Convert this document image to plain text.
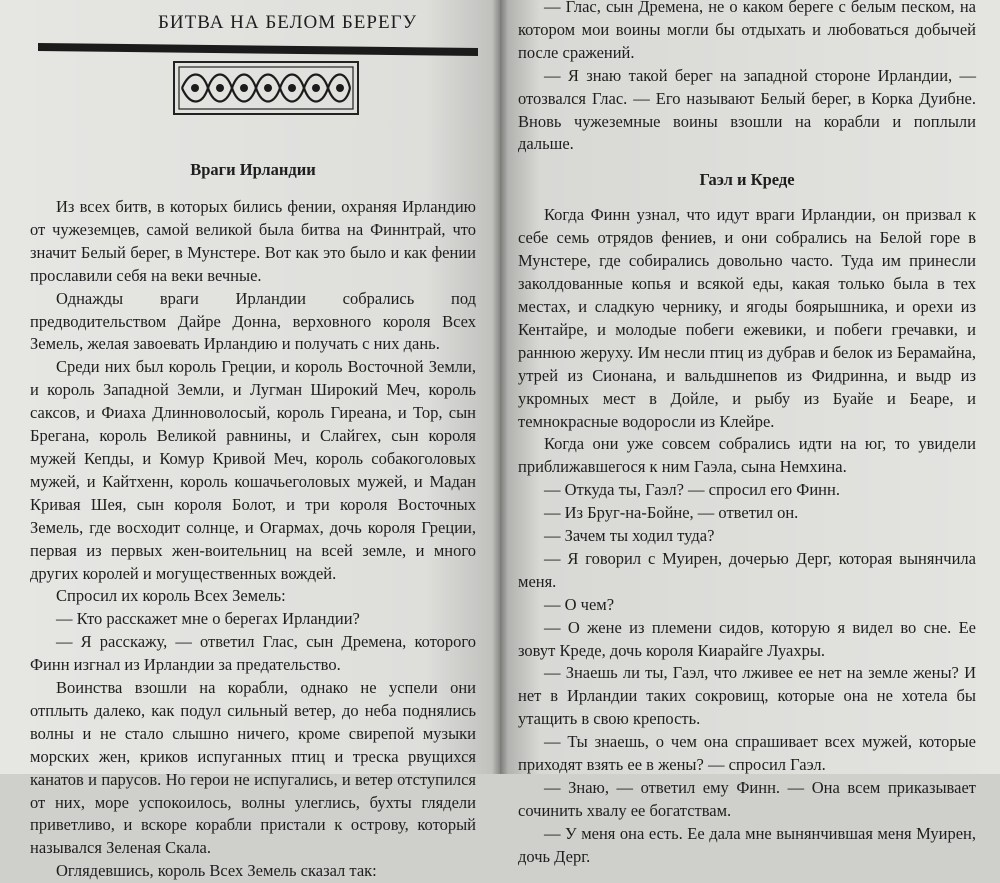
БИТВА НА БЕЛОМ БЕРЕГУ

Враги Ирландии

Из всех битв, в которых бились фении, охраняя Ирландию от чужеземцев, самой великой была битва на Финнтрай, что значит Белый берег, в Мунстере. Вот как это было и как фении прославили себя на веки вечные.

Однажды враги Ирландии собрались под предводительством Дайре Донна, верховного короля Всех Земель, желая завоевать Ирландию и получать с них дань.

Среди них был король Греции, и король Восточной Земли, и король Западной Земли, и Лугман Широкий Меч, король саксов, и Фиаха Длинноволосый, король Гиреана, и Тор, сын Брегана, король Великой равнины, и Слайгех, сын короля мужей Кепды, и Комур Кривой Меч, король собакоголовых мужей, и Кайтхенн, король кошачьеголовых мужей, и Мадан Кривая Шея, сын короля Болот, и три короля Восточных Земель, где восходит солнце, и Огармах, дочь короля Греции, первая из первых жен-воительниц на всей земле, и много других королей и могущественных вождей.

Спросил их король Всех Земель:

— Кто расскажет мне о берегах Ирландии?

— Я расскажу, — ответил Глас, сын Дремена, которого Финн изгнал из Ирландии за предательство.

Воинства взошли на корабли, однако не успели они отплыть далеко, как подул сильный ветер, до неба поднялись волны и не стало слышно ничего, кроме свирепой музыки морских жен, криков испуганных птиц и треска рвущихся канатов и парусов. Но герои не испугались, и ветер отступился от них, море успокоилось, волны улеглись, бухты глядели приветливо, и вскоре корабли пристали к острову, который назывался Зеленая Скала.

Оглядевшись, король Всех Земель сказал так:

— Глас, сын Дремена, не о каком береге с белым песком, на котором мои воины могли бы отдыхать и любоваться добычей после сражений.

— Я знаю такой берег на западной стороне Ирландии, — отозвался Глас. — Его называют Белый берег, в Корка Дуибне. Вновь чужеземные воины взошли на корабли и поплыли дальше.

Гаэл и Креде

Когда Финн узнал, что идут враги Ирландии, он призвал к себе семь отрядов фениев, и они собрались на Белой горе в Мунстере, где собирались довольно часто. Туда им принесли заколдованные копья и всякой еды, какая только была в тех местах, и сладкую чернику, и ягоды боярышника, и орехи из Кентайре, и молодые побеги ежевики, и побеги гречавки, и раннюю жеруху. Им несли птиц из дубрав и белок из Берамайна, утрей из Сионана, и вальдшнепов из Фидринна, и выдр из укромных мест в Дойле, и рыбу из Буайе и Беаре, и темнокрасные водоросли из Клейре.

Когда они уже совсем собрались идти на юг, то увидели приближавшегося к ним Гаэла, сына Немхина.

— Откуда ты, Гаэл? — спросил его Финн.

— Из Бруг-на-Бойне, — ответил он.

— Зачем ты ходил туда?

— Я говорил с Муирен, дочерью Дерг, которая вынянчила меня.

— О чем?

— О жене из племени сидов, которую я видел во сне. Ее зовут Креде, дочь короля Киарайге Луахры.

— Знаешь ли ты, Гаэл, что лживее ее нет на земле жены? И нет в Ирландии таких сокровищ, которые она не хотела бы утащить в свою крепость.

— Ты знаешь, о чем она спрашивает всех мужей, которые приходят взять ее в жены? — спросил Гаэл.

— Знаю, — ответил ему Финн. — Она всем приказывает сочинить хвалу ее богатствам.

— У меня она есть. Ее дала мне вынянчившая меня Муирен, дочь Дерг.
